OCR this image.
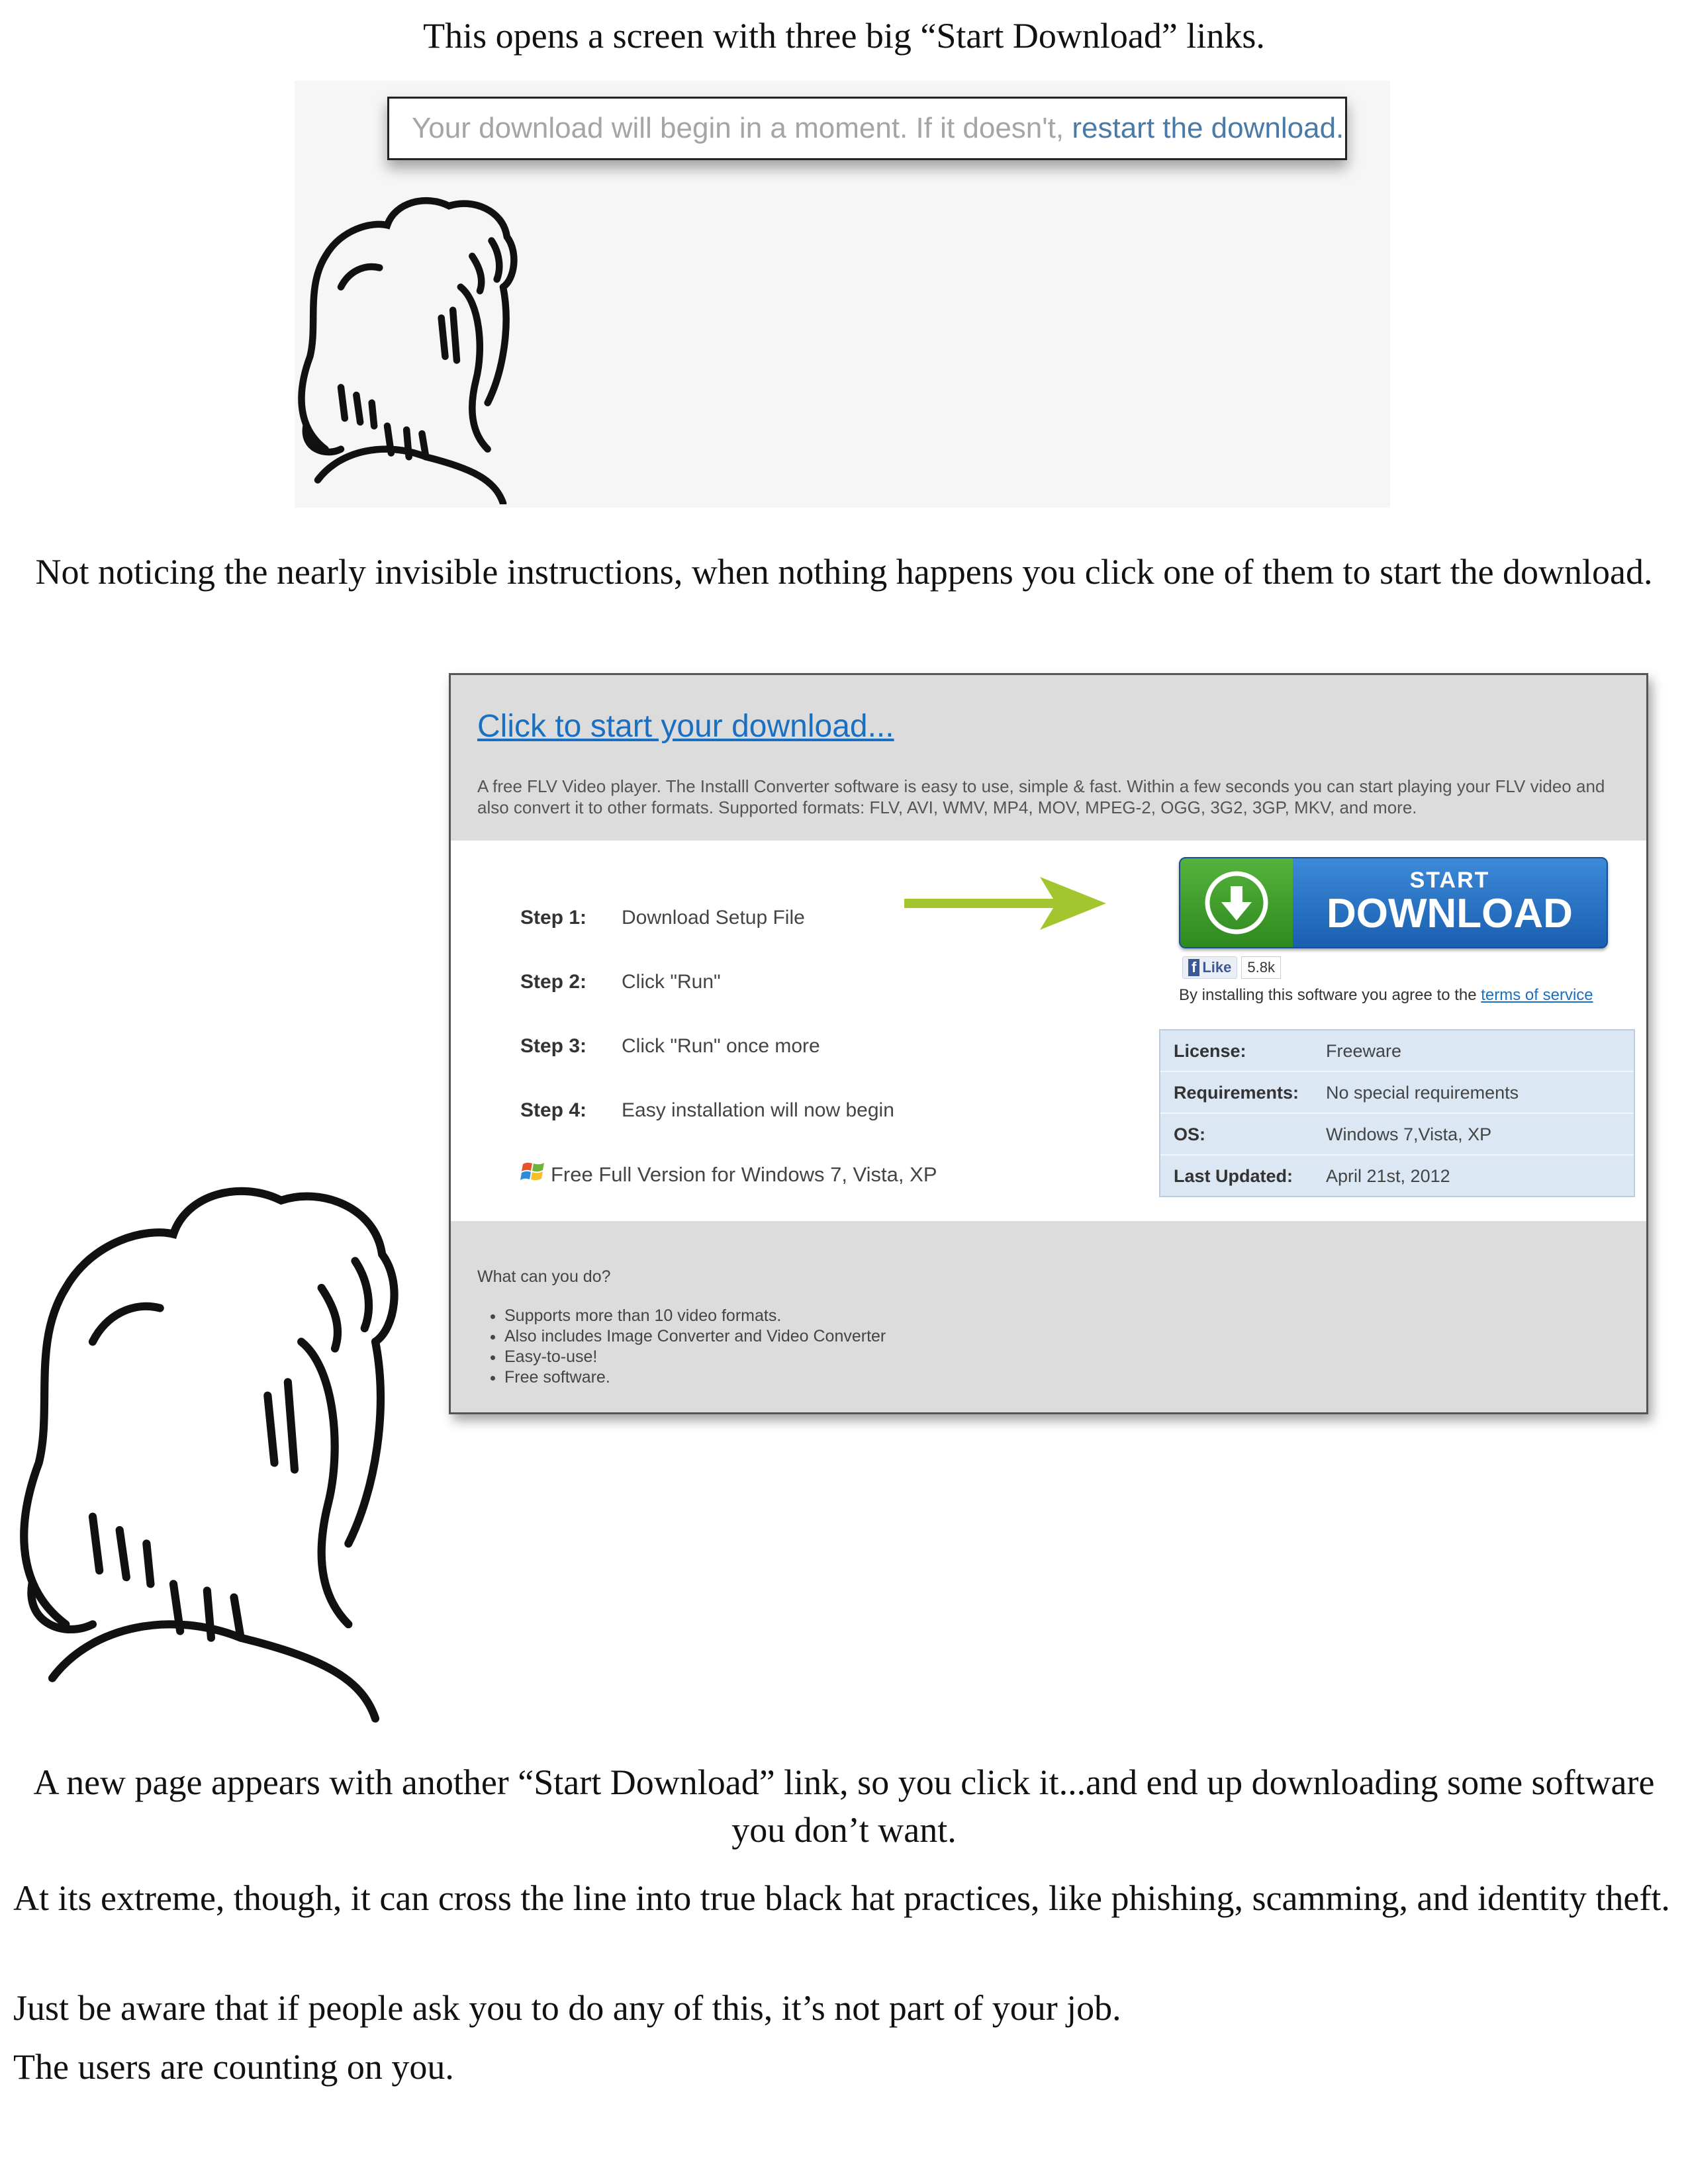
This opens a screen with three big “Start Download” links.
Your download will begin in a moment. If it doesn't, restart the download.
Not noticing the nearly invisible instructions, when nothing happens you click one of them to start the download.
Click to start your download...
A free FLV Video player. The Installl Converter software is easy to use, simple & fast. Within a few seconds you can start playing your FLV video and also convert it to other formats. Supported formats: FLV, AVI, WMV, MP4, MOV, MPEG-2, OGG, 3G2, 3GP, MKV, and more.
Step 1: Download Setup File
Step 2: Click "Run"
Step 3: Click "Run" once more
Step 4: Easy installation will now begin
START
DOWNLOAD
f Like 5.8k
By installing this software you agree to the terms of service
License:	Freeware
Requirements: No special requirements
OS:	Windows 7,Vista, XP
Last Updated: April 21st, 2012
Free Full Version for Windows 7, Vista, XP
What can you do?
• Supports more than 10 video formats.
• Also includes Image Converter and Video Converter
• Easy-to-use!
• Free software.
A new page appears with another “Start Download” link, so you click it...and end up downloading some software you don’t want.
At its extreme, though, it can cross the line into true black hat practices, like phishing, scamming, and identity theft.
Just be aware that if people ask you to do any of this, it’s not part of your job.
The users are counting on you.
